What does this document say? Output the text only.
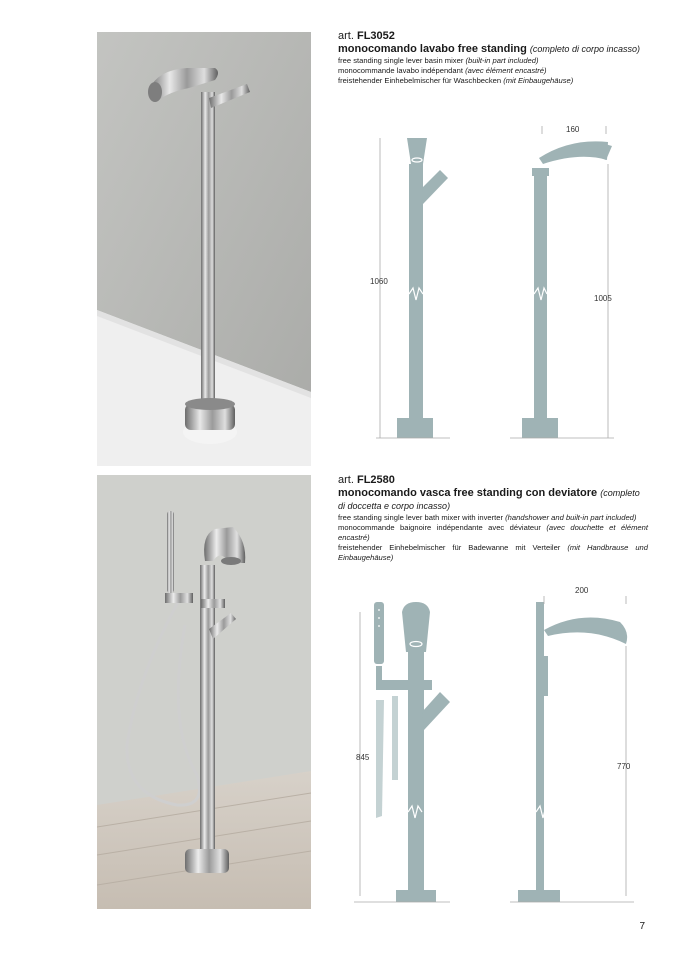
art. FL3052
monocomando lavabo free standing (completo di corpo incasso)
free standing single lever basin mixer (built-in part included)
monocommande lavabo indépendant (avec élément encastré)
freistehender Einhebelmischer für Waschbecken (mit Einbaugehäuse)
1060
1005
160
art. FL2580
monocomando vasca free standing con deviatore (completo di doccetta e corpo incasso)
free standing single lever bath mixer with inverter (handshower and built-in part included)
monocommande baignoire indépendante avec déviateur (avec douchette et élément encastré)
freistehender Einhebelmischer für Badewanne mit Verteiler (mit Handbrause und Einbaugehäuse)
845
770
200
7
